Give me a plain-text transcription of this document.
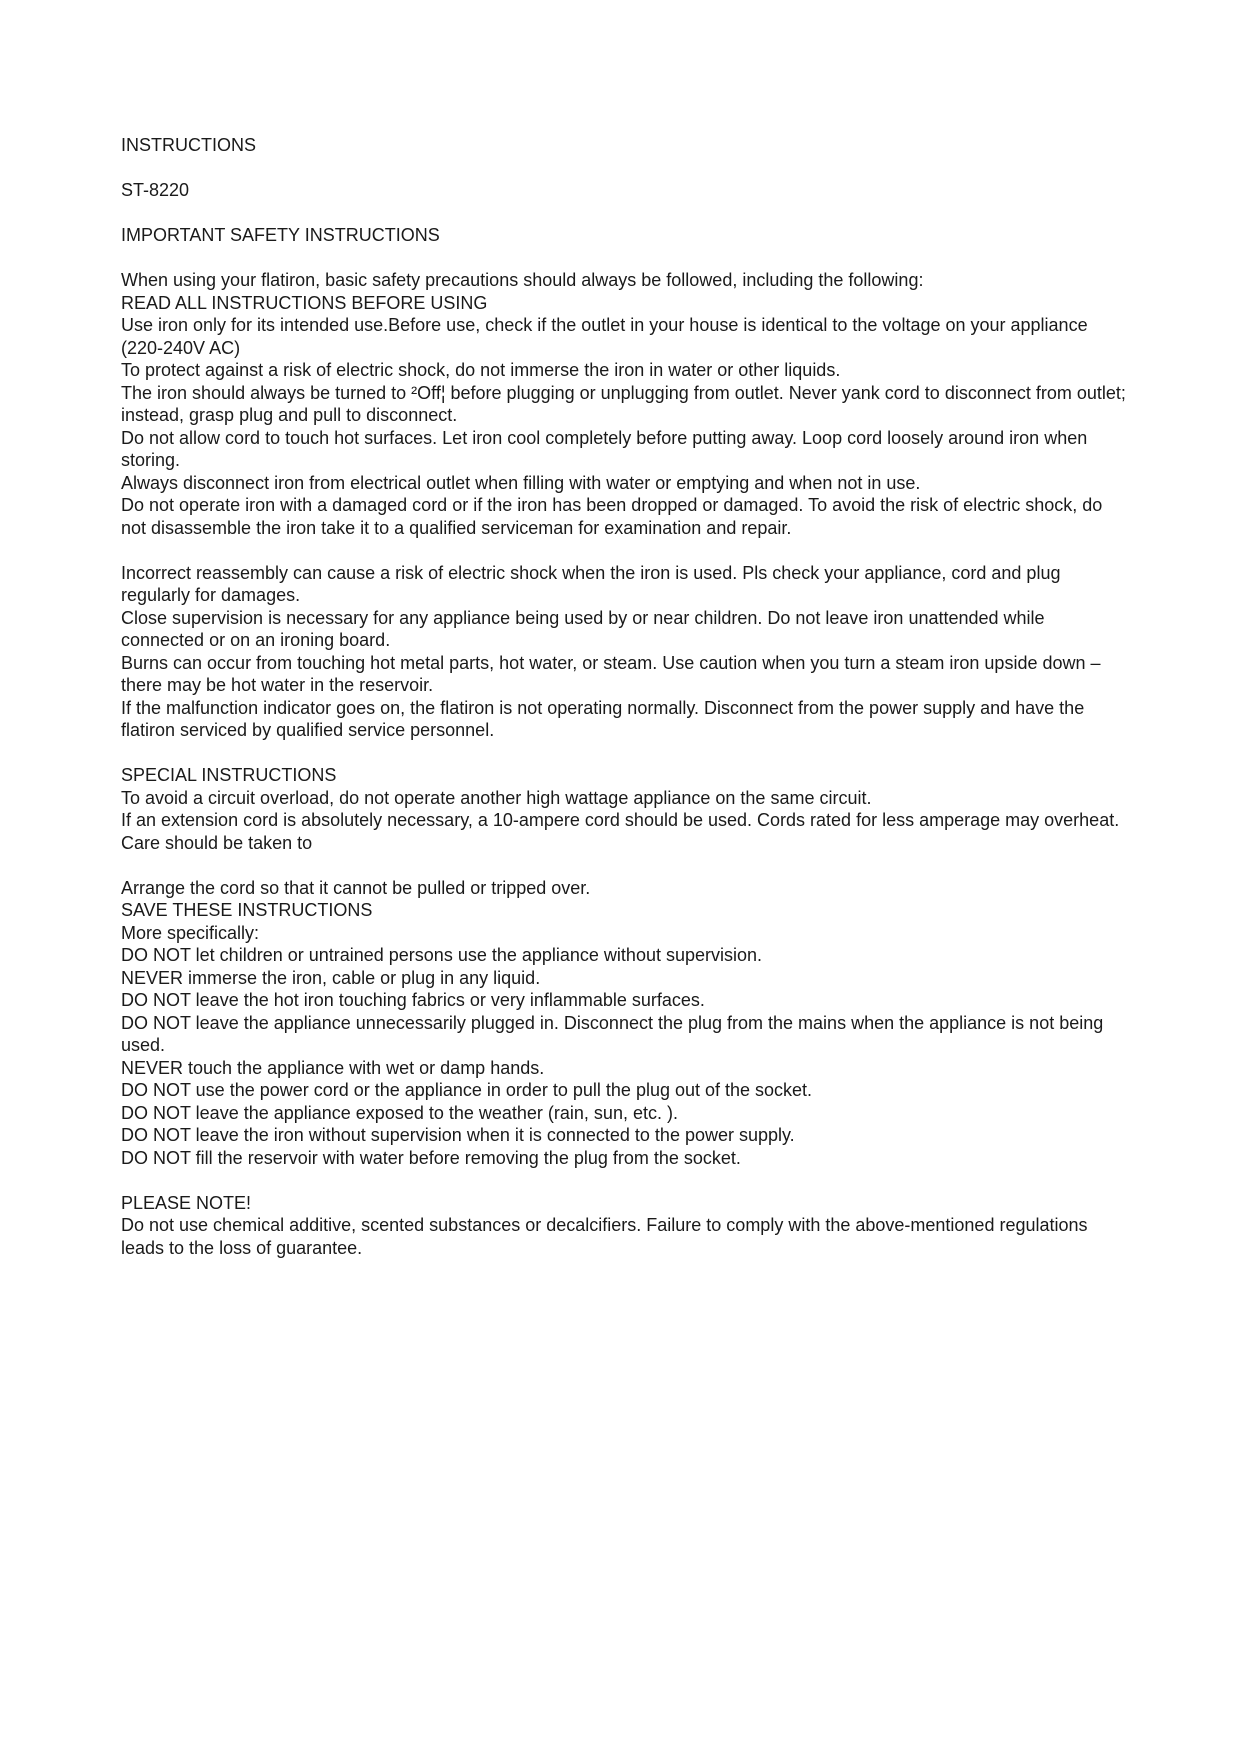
INSTRUCTIONS

ST-8220

IMPORTANT SAFETY INSTRUCTIONS

When using your flatiron, basic safety precautions should always be followed, including the following:

READ ALL INSTRUCTIONS BEFORE USING

Use iron only for its intended use.Before use, check if the outlet in your house is identical to the voltage on your appliance (220-240V AC)

To protect against a risk of electric shock, do not immerse the iron in water or other liquids.

The iron should always be turned to ²Off¦ before plugging or unplugging from outlet. Never yank cord to disconnect from outlet; instead, grasp plug and pull to disconnect.

Do not allow cord to touch hot surfaces. Let iron cool completely before putting away. Loop cord loosely around iron when storing.

Always disconnect iron from electrical outlet when filling with water or emptying and when not in use.

Do not operate iron with a damaged cord or if the iron has been dropped or damaged. To avoid the risk of electric shock, do not disassemble the iron take it to a qualified serviceman for examination and repair.

Incorrect reassembly can cause a risk of electric shock when the iron is used. Pls check your appliance, cord and plug regularly for damages.

Close supervision is necessary for any appliance being used by or near children. Do not leave iron unattended while connected or on an ironing board.

Burns can occur from touching hot metal parts, hot water, or steam. Use caution when you turn a steam iron upside down – there may be hot water in the reservoir.

If the malfunction indicator goes on, the flatiron is not operating normally. Disconnect from the power supply and have the flatiron serviced by qualified service personnel.

SPECIAL INSTRUCTIONS

To avoid a circuit overload, do not operate another high wattage appliance on the same circuit.

If an extension cord is absolutely necessary, a 10-ampere cord should be used. Cords rated for less amperage may overheat. Care should be taken to

Arrange the cord so that it cannot be pulled or tripped over.

SAVE THESE INSTRUCTIONS

More specifically:

DO NOT let children or untrained persons use the appliance without supervision.

NEVER immerse the iron, cable or plug in any liquid.

DO NOT leave the hot iron touching fabrics or very inflammable surfaces.

DO NOT leave the appliance unnecessarily plugged in. Disconnect the plug from the mains when the appliance is not being used.

NEVER touch the appliance with wet or damp hands.

DO NOT use the power cord or the appliance in order to pull the plug out of the socket.

DO NOT leave the appliance exposed to the weather (rain, sun, etc. ).

DO NOT leave the iron without supervision when it is connected to the power supply.

DO NOT fill the reservoir with water before removing the plug from the socket.

PLEASE NOTE!

Do not use chemical additive, scented substances or decalcifiers. Failure to comply with the above-mentioned regulations leads to the loss of guarantee.
